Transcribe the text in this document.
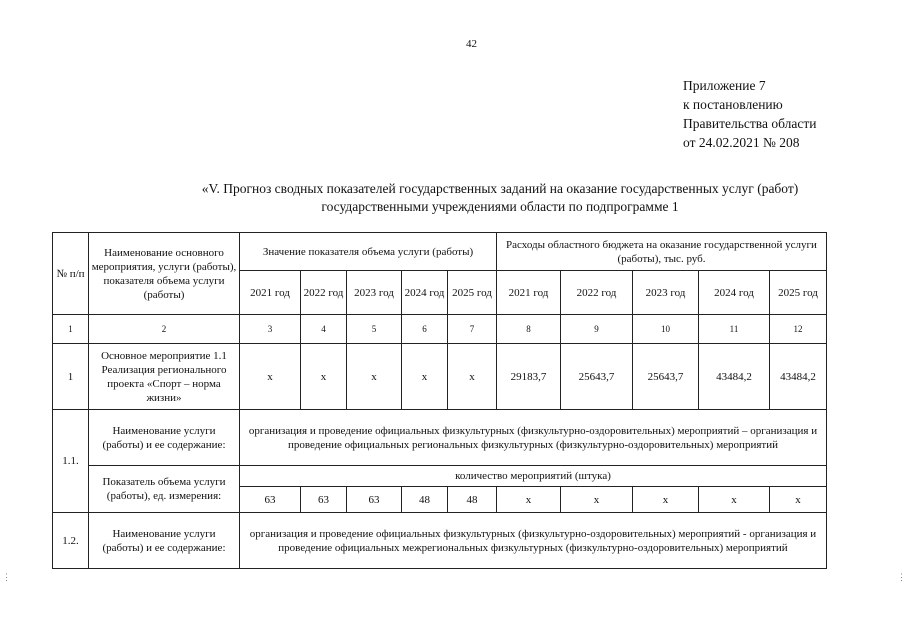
42
Приложение 7
к постановлению
Правительства области
от 24.02.2021 № 208
«V. Прогноз сводных показателей государственных заданий на оказание государственных услуг (работ)
государственными учреждениями области по подпрограмме 1
№ п/п	Наименование основного мероприятия, услуги (работы), показателя объема услуги (работы)	Значение показателя объема услуги (работы)					Расходы областного бюджета на оказание государственной услуги (работы), тыс. руб.				
		2021 год	2022 год	2023 год	2024 год	2025 год	2021 год	2022 год	2023 год	2024 год	2025 год
1	2	3	4	5	6	7	8	9	10	11	12
1	Основное мероприятие 1.1 Реализация регионального проекта «Спорт – норма жизни»	х	х	х	х	х	29183,7	25643,7	25643,7	43484,2	43484,2
1.1.	Наименование услуги (работы) и ее содержание:	организация и проведение официальных физкультурных (физкультурно-оздоровительных) мероприятий – организация и проведение официальных региональных физкультурных (физкультурно-оздоровительных) мероприятий									
	Показатель объема услуги (работы), ед. измерения:	количество мероприятий (штука)									
		63	63	63	48	48	х	х	х	х	х
1.2.	Наименование услуги (работы) и ее содержание:	организация и проведение официальных физкультурных (физкультурно-оздоровительных) мероприятий - организация и проведение официальных межрегиональных физкультурных (физкультурно-оздоровительных) мероприятий									
⋮	⋮
